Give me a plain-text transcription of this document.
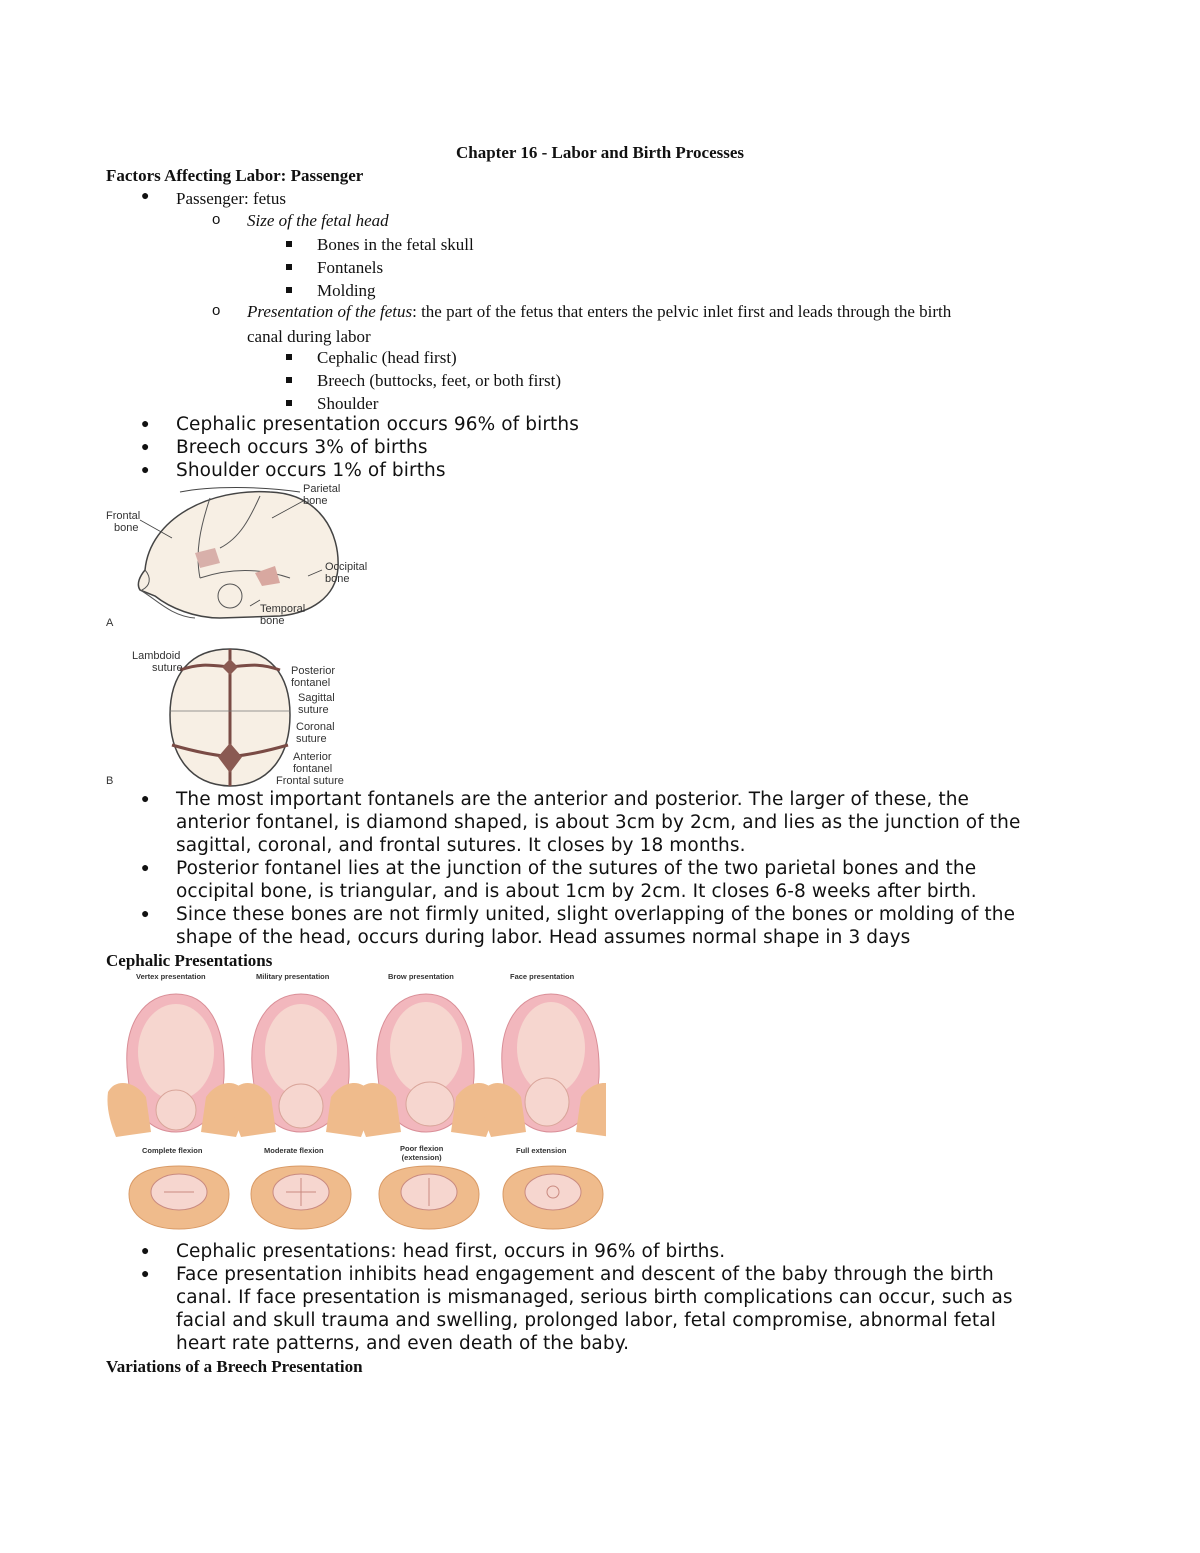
Chapter 16 - Labor and Birth Processes
Factors Affecting Labor: Passenger
● Passenger: fetus
o Size of the fetal head
Bones in the fetal skull
Fontanels
Molding
o Presentation of the fetus: the part of the fetus that enters the pelvic inlet first and leads through the birth
canal during labor
Cephalic (head first)
Breech (buttocks, feet, or both first)
Shoulder
● Cephalic presentation occurs 96% of births
● Breech occurs 3% of births
● Shoulder occurs 1% of births
Frontal
bone
Parietal
bone
Occipital
bone
Temporal
bone
A
Lambdoid
suture	Posterior
fontanel
Sagittal
suture
Coronal
suture
Anterior
fontanel
Frontal suture
B
● The most important fontanels are the anterior and posterior. The larger of these, the
anterior fontanel, is diamond shaped, is about 3cm by 2cm, and lies as the junction of the
sagittal, coronal, and frontal sutures. It closes by 18 months.
● Posterior fontanel lies at the junction of the sutures of the two parietal bones and the
occipital bone, is triangular, and is about 1cm by 2cm. It closes 6-8 weeks after birth.
● Since these bones are not firmly united, slight overlapping of the bones or molding of the
shape of the head, occurs during labor. Head assumes normal shape in 3 days
Cephalic Presentations
Vertex presentation	Military presentation	Brow presentation	Face presentation
Complete flexion	Moderate flexion	Poor flexion
(extension)
Full extension
● Cephalic presentations: head first, occurs in 96% of births.
● Face presentation inhibits head engagement and descent of the baby through the birth
canal. If face presentation is mismanaged, serious birth complications can occur, such as
facial and skull trauma and swelling, prolonged labor, fetal compromise, abnormal fetal
heart rate patterns, and even death of the baby.
Variations of a Breech Presentation
